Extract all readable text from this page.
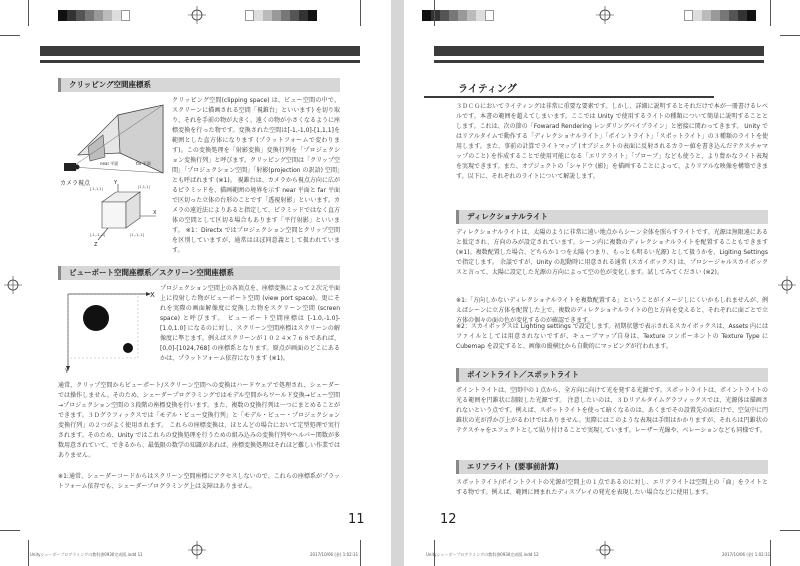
クリッピング空間座標系
カメラ視点
near 平面	far 平面
Y
X
Z
[-1,1,1]	[1,1,1]
[-1,-1,-1]	[1,-1,-1]
クリッピング空間(clipping space) は、ビュー空間の中で、スクリーンに描画される空間「視錐台」といいます) を切り取り、それを手前の物が大きく、遠くの物が小さくなるように座標変換を行った物です。変換された空間は[-1,-1,0]-[1,1,1]を範囲とした直方体になります (プラットフォームで変わります)。この変換処理を「射影変換」変換行列を「プロジェクション変換行列」と呼びます。クリッピング空間は「クリップ空間」「プロジェクション空間」「射影(projection の訳語) 空間」とも呼ばれます (※1)。 視錐台は、カメラから視点方向に広がるピラミッドを、描画範囲の境界を示す near 平面と far 平面で区切った立体の台形のことです「透視射影」といいます。カメラの遠近法によりあると指定して、ピラミッドではなく直方体の空間として区切る場合もあります「平行射影」といいます。 ※1：Directx ではプロジェクション空間とクリップ空間を区別していますが、通常はほぼ同意義として扱われています。
ビューポート空間座標系／スクリーン空間座標系
X
Y
プロジェクション空間上の各頂点を、座標変換によって２次元平面上に投射した物がビューポート空間 (view port space)。更にそれを実際の画面解像度に変換した物をスクリーン空間 (screen space) と呼びます。 ビューポート空間座標は [-1.0,-1.0]-[1.0,1.0] になるのに対し、スクリーン空間座標はスクリーンの解像度に準じます。例えばスクリーンが１０２４×７６８であれば、[0,0]-[1024,768] の座標系となります。原点が画面のどこにあるかは、プラットフォーム依存になります (※1)。
通常、クリップ空間からビューポート/スクリーン空間への変換はハードウェアで処理され、シェーダーでは操作しません。そのため、シェーダープログラミングではモデル空間からワールド変換→ビュー空間→プロジェクション空間の３段階の座標変換を行います。また、複数の変換行列は一つにまとめることができます。３Ｄグラフィックスでは「モデル・ビュー変換行列」と「モデル・ビュー・プロジェクション変換行列」の２つがよく使用されます。 これらの座標変換は、ほとんどの場合において定型処理で実行されます。そのため、Unity ではこれらの変換処理を行うための組み込みの変換行列やヘルパー関数が多数用意されていて、できるから、最低限の数学の知識があれば、座標変換処理はそれほど難しい作業ではありません。
※1:通常、シェーダーコードからはスクリーン空間座標にアクセスしないので、これらの座標系がプラットフォーム依存でも、シェーダープログラミング上は支障はありません。
11
Unityシェーダープログラミングの教科書0930完成版.indd 11	2017/10/06 (金) 1:02:31
ライティング
３ＤＣＧにおいてライティングは非常に重要な要素です。しかし、詳細に説明するとそれだけで本が一冊書けるレベルです。本書の範囲を超えてしまいます。ここでは Unity で使用するライトの種類について簡単に説明することとします。これは、次の節の「Fowarad Rendering レンダリングパイプライン」と密接に関わってきます。 Unity ではリアルタイムで動作する「ディレクショナルライト」「ポイントライト」「スポットライト」の３種類のライトを使用します。また、事前の計算でライトマップ (オブジェクトの表面に反射されるカラー値を書き込んだテクスチャマップのこと) を作成することで使用可能になる「エリアライト」「プローブ」なども使うと、より豊かなライト表現を実現できます。また、オブジェクトの「シャドウ (影)」を描画することによって、よりリアルな映像を構築できます。以下に、それぞれのライトについて解説します。
ディレクショナルライト
ディレクショナルライトは、太陽のように非常に遠い地点からシーン全体を照らすライトです。光源は無限遠にあると仮定され、方向のみが設定されています。シーン内に複数のディレクショナルライトを配置することもできます (※1)。複数配置した場合、どちらか１つを太陽 (つまり、もっとも明るい光源) として扱うかを、Ligiting Settings で指定します。 余談ですが、Unity の起動時に用意される通常 (スカイボックス) は、プロシージャルスカイボックスと言って、太陽に設定した光源の方向によって空の色が変化します。試してみてください (※2)。
※1:「方向しかないディレクショナルライトを複数配置する」ということがイメージしにくいかもしれませんが、例えばシーンに立方体を配置した上で、複数のディレクショナルライトの色と方向を変えると、それぞれに面ごとで立方体の個々の面の色が変化するのが確認できます。
※2：スカイボックスは Lighting settings で設定します。初期状態で表示されるスカイボックスは、Assets 内にはファイルとしては用意されないですが、キューブマップ自身は、Texture コンポーネントの Texture Type に Cubemap を設定すると、画像の縦横比から自動的にマッピングが行われます。
ポイントライト／スポットライト
ポイントライトは、空間中の１点から、全方向に向けて光を発する光源です。スポットライトは、ポイントライトの光る範囲を円錐状に制限した光源です。 注意したいのは、３Ｄリアルタイムグラフィックスでは、光源体は描画されないという点です。例えば、スポットライトを使って暗くなるのは、あくまでその設置先の面だけで、空気中に円錐状の光が浮かび上がるわけではありません。実際にはこのような表現は手間はかかりますが、それらは円錐状のテクスチャをエフェクトとして貼り付けることで実現しています。レーザー光線や、ベレーションなども同様です。
エリアライト (要事前計算)
スポットライト/ポイントライトの光源が空間上の１点であるのに対し、エリアライトは空間上の「面」をライトとする物です。例えば、範囲に囲まれたディスプレイの発光を表現したい場合などに使用します。
12
Unityシェーダープログラミングの教科書0930完成版.indd 12	2017/10/06 (金) 1:02:31
